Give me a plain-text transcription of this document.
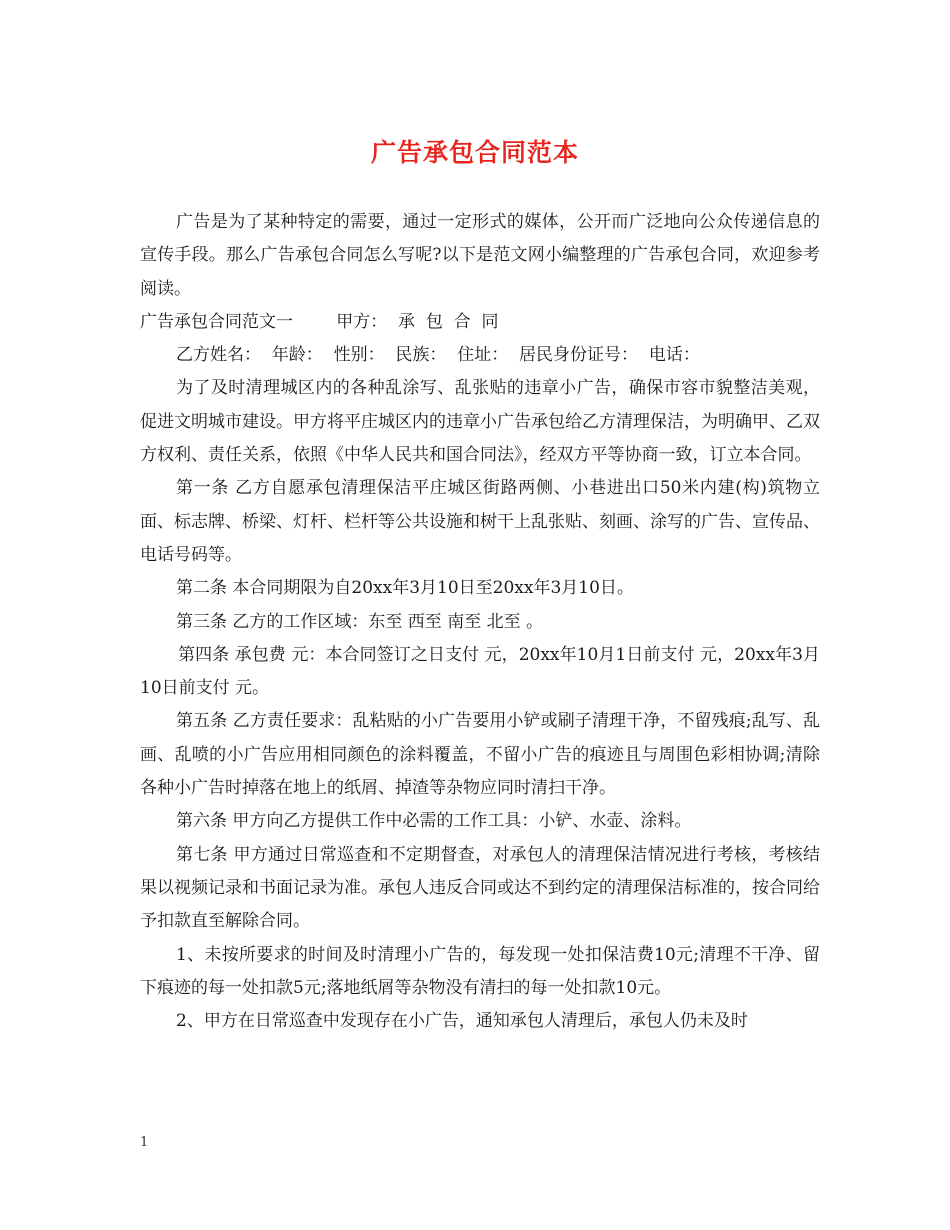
广告承包合同范本

广告是为了某种特定的需要，通过一定形式的媒体，公开而广泛地向公众传递信息的宣传手段。那么广告承包合同怎么写呢?以下是范文网小编整理的广告承包合同，欢迎参考阅读。

广告承包合同范文一        甲方：  承  包  合  同

乙方姓名：  年龄：  性别：  民族：  住址：  居民身份证号：  电话：

为了及时清理城区内的各种乱涂写、乱张贴的违章小广告，确保市容市貌整洁美观，促进文明城市建设。甲方将平庄城区内的违章小广告承包给乙方清理保洁，为明确甲、乙双方权利、责任关系，依照《中华人民共和国合同法》，经双方平等协商一致，订立本合同。

第一条 乙方自愿承包清理保洁平庄城区街路两侧、小巷进出口50米内建(构)筑物立面、标志牌、桥梁、灯杆、栏杆等公共设施和树干上乱张贴、刻画、涂写的广告、宣传品、电话号码等。

第二条 本合同期限为自20xx年3月10日至20xx年3月10日。

第三条 乙方的工作区域：东至 西至 南至 北至 。

第四条 承包费 元：本合同签订之日支付 元，20xx年10月1日前支付 元，20xx年3月10日前支付 元。

第五条 乙方责任要求：乱粘贴的小广告要用小铲或刷子清理干净，不留残痕;乱写、乱画、乱喷的小广告应用相同颜色的涂料覆盖，不留小广告的痕迹且与周围色彩相协调;清除各种小广告时掉落在地上的纸屑、掉渣等杂物应同时清扫干净。

第六条 甲方向乙方提供工作中必需的工作工具：小铲、水壶、涂料。

第七条 甲方通过日常巡查和不定期督查，对承包人的清理保洁情况进行考核，考核结果以视频记录和书面记录为准。承包人违反合同或达不到约定的清理保洁标准的，按合同给予扣款直至解除合同。

1、未按所要求的时间及时清理小广告的，每发现一处扣保洁费10元;清理不干净、留下痕迹的每一处扣款5元;落地纸屑等杂物没有清扫的每一处扣款10元。

2、甲方在日常巡查中发现存在小广告，通知承包人清理后，承包人仍未及时

1
